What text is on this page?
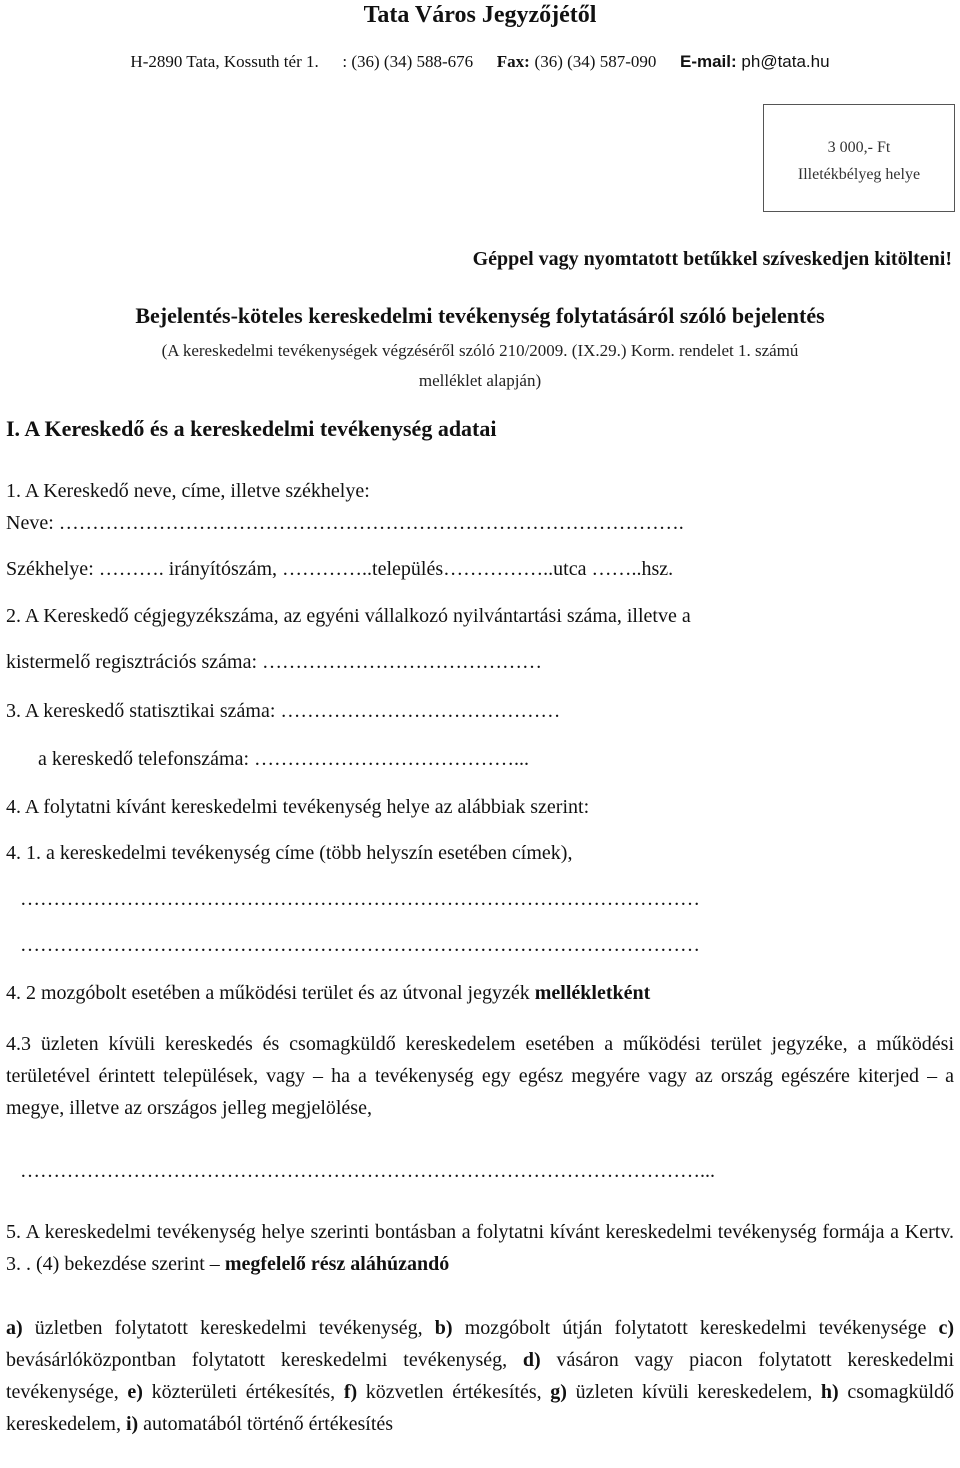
Tata Város Jegyzőjétől
H-2890 Tata, Kossuth tér 1. : (36) (34) 588-676 Fax: (36) (34) 587-090 E-mail: ph@tata.hu
3 000,- Ft
Illetékbélyeg helye
Géppel vagy nyomtatott betűkkel szíveskedjen kitölteni!
Bejelentés-köteles kereskedelmi tevékenység folytatásáról szóló bejelentés
(A kereskedelmi tevékenységek végzéséről szóló 210/2009. (IX.29.) Korm. rendelet 1. számú
melléklet alapján)
I. A Kereskedő és a kereskedelmi tevékenység adatai
1. A Kereskedő neve, címe, illetve székhelye:
Neve: ………………………………………………………………………………….
Székhelye: ………. irányítószám, …………..település……………..utca ……..hsz.
2. A Kereskedő cégjegyzékszáma, az egyéni vállalkozó nyilvántartási száma, illetve a
kistermelő regisztrációs száma: ……………………………………
3. A kereskedő statisztikai száma: ……………………………………
a kereskedő telefonszáma: …………………………………...
4. A folytatni kívánt kereskedelmi tevékenység helye az alábbiak szerint:
4. 1. a kereskedelmi tevékenység címe (több helyszín esetében címek),
…………………………………………………………………………………………
…………………………………………………………………………………………
4. 2 mozgóbolt esetében a működési terület és az útvonal jegyzék mellékletként
4.3 üzleten kívüli kereskedés és csomagküldő kereskedelem esetében a működési terület jegyzéke, a működési területével érintett települések, vagy – ha a tevékenység egy egész megyére vagy az ország egészére kiterjed – a megye, illetve az országos jelleg megjelölése,
…………………………………………………………………………………………...
5. A kereskedelmi tevékenység helye szerinti bontásban a folytatni kívánt kereskedelmi tevékenység formája a Kertv. 3. . (4) bekezdése szerint – megfelelő rész aláhúzandó
a) üzletben folytatott kereskedelmi tevékenység, b) mozgóbolt útján folytatott kereskedelmi tevékenysége c) bevásárlóközpontban folytatott kereskedelmi tevékenység, d) vásáron vagy piacon folytatott kereskedelmi tevékenysége, e) közterületi értékesítés, f) közvetlen értékesítés, g) üzleten kívüli kereskedelem, h) csomagküldő kereskedelem, i) automatából történő értékesítés
